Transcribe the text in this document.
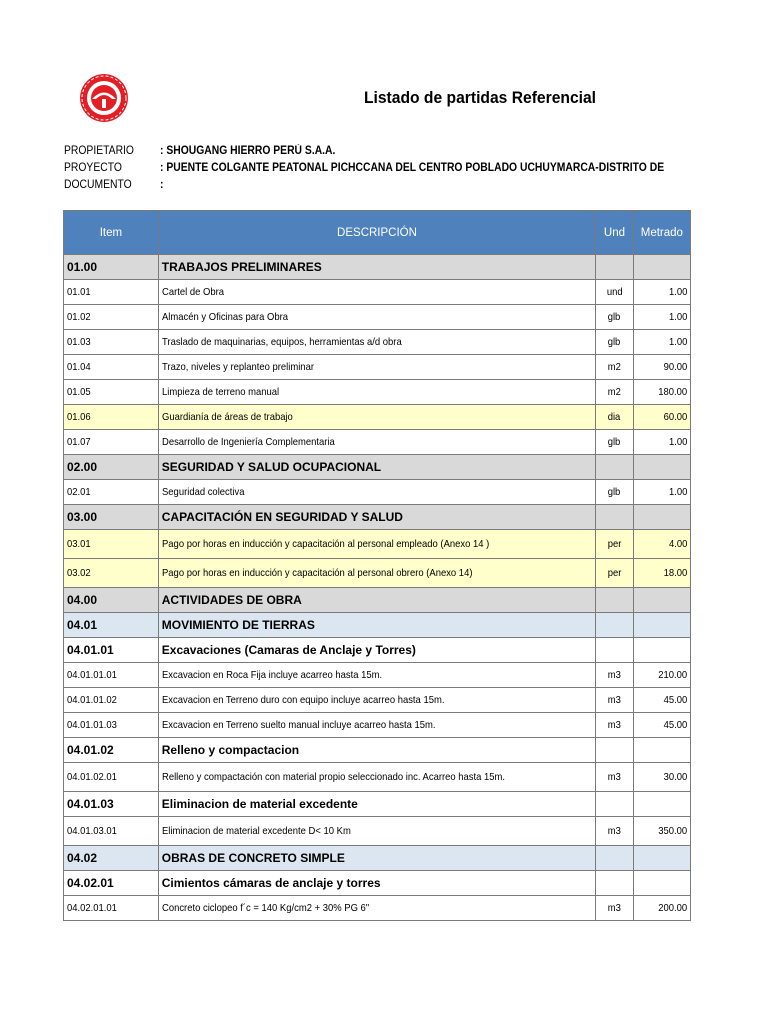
Listado de partidas Referencial
PROPIETARIO	: SHOUGANG HIERRO PERÚ S.A.A.
PROYECTO	: PUENTE COLGANTE PEATONAL PICHCCANA DEL CENTRO POBLADO UCHUYMARCA-DISTRITO DE
DOCUMENTO	:
Item	DESCRIPCIÓN	Und	Metrado
01.00	TRABAJOS PRELIMINARES		
01.01	Cartel de Obra	und	1.00
01.02	Almacén y Oficinas para Obra	glb	1.00
01.03	Traslado de maquinarias, equipos, herramientas a/d obra	glb	1.00
01.04	Trazo, niveles y replanteo preliminar	m2	90.00
01.05	Limpieza de terreno manual	m2	180.00
01.06	Guardianía de áreas de trabajo	dia	60.00
01.07	Desarrollo de Ingeniería Complementaria	glb	1.00
02.00	SEGURIDAD Y SALUD OCUPACIONAL		
02.01	Seguridad colectiva	glb	1.00
03.00	CAPACITACIÓN EN SEGURIDAD Y SALUD		
03.01	Pago por horas en inducción y capacitación al personal empleado (Anexo 14 )	per	4.00
03.02	Pago por horas en inducción y capacitación al personal obrero (Anexo 14)	per	18.00
04.00	ACTIVIDADES DE OBRA		
04.01	MOVIMIENTO DE TIERRAS		
04.01.01	Excavaciones (Camaras de Anclaje y Torres)		
04.01.01.01	Excavacion en Roca Fija incluye acarreo hasta 15m.	m3	210.00
04.01.01.02	Excavacion en Terreno duro con equipo incluye acarreo hasta 15m.	m3	45.00
04.01.01.03	Excavacion en Terreno suelto manual incluye acarreo hasta 15m.	m3	45.00
04.01.02	Relleno y compactacion		
04.01.02.01	Relleno y compactación con material propio seleccionado inc. Acarreo hasta 15m.	m3	30.00
04.01.03	Eliminacion de material excedente		
04.01.03.01	Eliminacion de material excedente D< 10 Km	m3	350.00
04.02	OBRAS DE CONCRETO SIMPLE		
04.02.01	Cimientos cámaras de anclaje y torres		
04.02.01.01	Concreto ciclopeo f´c = 140 Kg/cm2 + 30% PG 6"	m3	200.00
